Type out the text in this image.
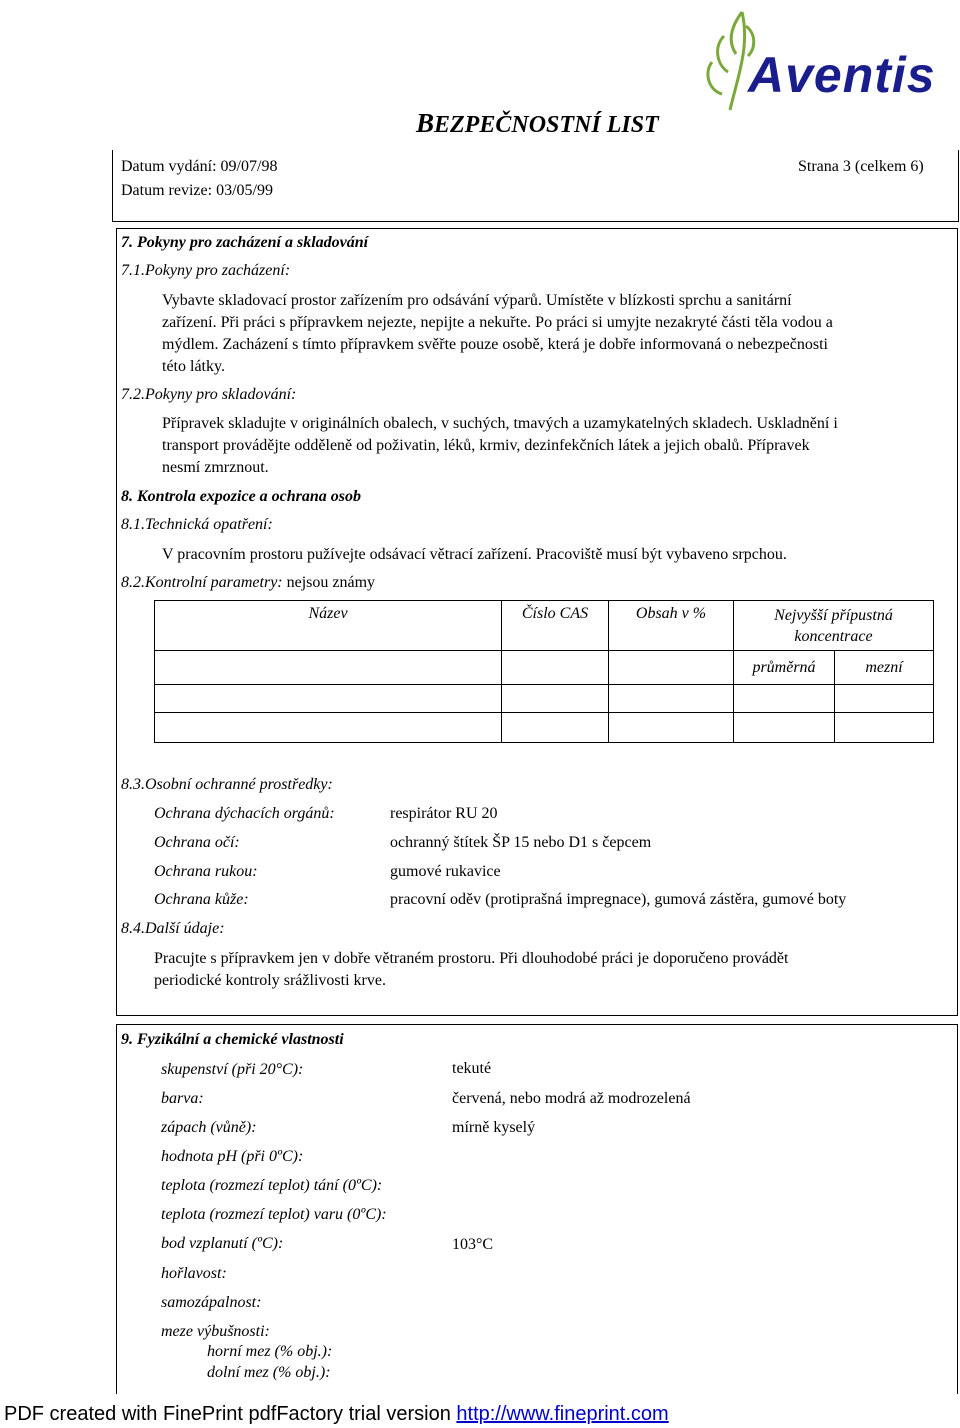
Aventis
BEZPEČNOSTNÍ LIST
Datum vydání: 09/07/98
Datum revize: 03/05/99
Strana 3 (celkem 6)
7. Pokyny pro zacházení a skladování
7.1.Pokyny pro zacházení:
Vybavte skladovací prostor zařízením pro odsávání výparů. Umístěte v blízkosti sprchu a sanitární
zařízení. Při práci s přípravkem nejezte, nepijte a nekuřte. Po práci si umyjte nezakryté části těla vodou a
mýdlem. Zacházení s tímto přípravkem svěřte pouze osobě, která je dobře informovaná o nebezpečnosti
této látky.
7.2.Pokyny pro skladování:
Přípravek skladujte v originálních obalech, v suchých, tmavých a uzamykatelných skladech. Uskladnění i
transport provádějte odděleně od poživatin, léků, krmiv, dezinfekčních látek a jejich obalů. Přípravek
nesmí zmrznout.
8. Kontrola expozice a ochrana osob
8.1.Technická opatření:
V pracovním prostoru pužívejte odsávací větrací zařízení. Pracoviště musí být vybaveno srpchou.
8.2.Kontrolní parametry: nejsou známy
Název	Číslo CAS	Obsah v %	Nejvyšší přípustná koncentrace	
			průměrná	mezní

8.3.Osobní ochranné prostředky:
Ochrana dýchacích orgánů:	respirátor RU 20
Ochrana očí:	ochranný štítek ŠP 15 nebo D1 s čepcem
Ochrana rukou:	gumové rukavice
Ochrana kůže:	pracovní oděv (protiprašná impregnace), gumová zástěra, gumové boty
8.4.Další údaje:
Pracujte s přípravkem jen v dobře větraném prostoru. Při dlouhodobé práci je doporučeno provádět
periodické kontroly srážlivosti krve.
9. Fyzikální a chemické vlastnosti
skupenství (při 20°C):	tekuté
barva:	červená, nebo modrá až modrozelená
zápach (vůně):	mírně kyselý
hodnota pH (při 0ºC):
teplota (rozmezí teplot) tání (0ºC):
teplota (rozmezí teplot) varu (0ºC):
bod vzplanutí (ºC):	103°C
hořlavost:
samozápalnost:
meze výbušnosti:
horní mez (% obj.):
dolní mez (% obj.):
PDF created with FinePrint pdfFactory trial version http://www.fineprint.com
